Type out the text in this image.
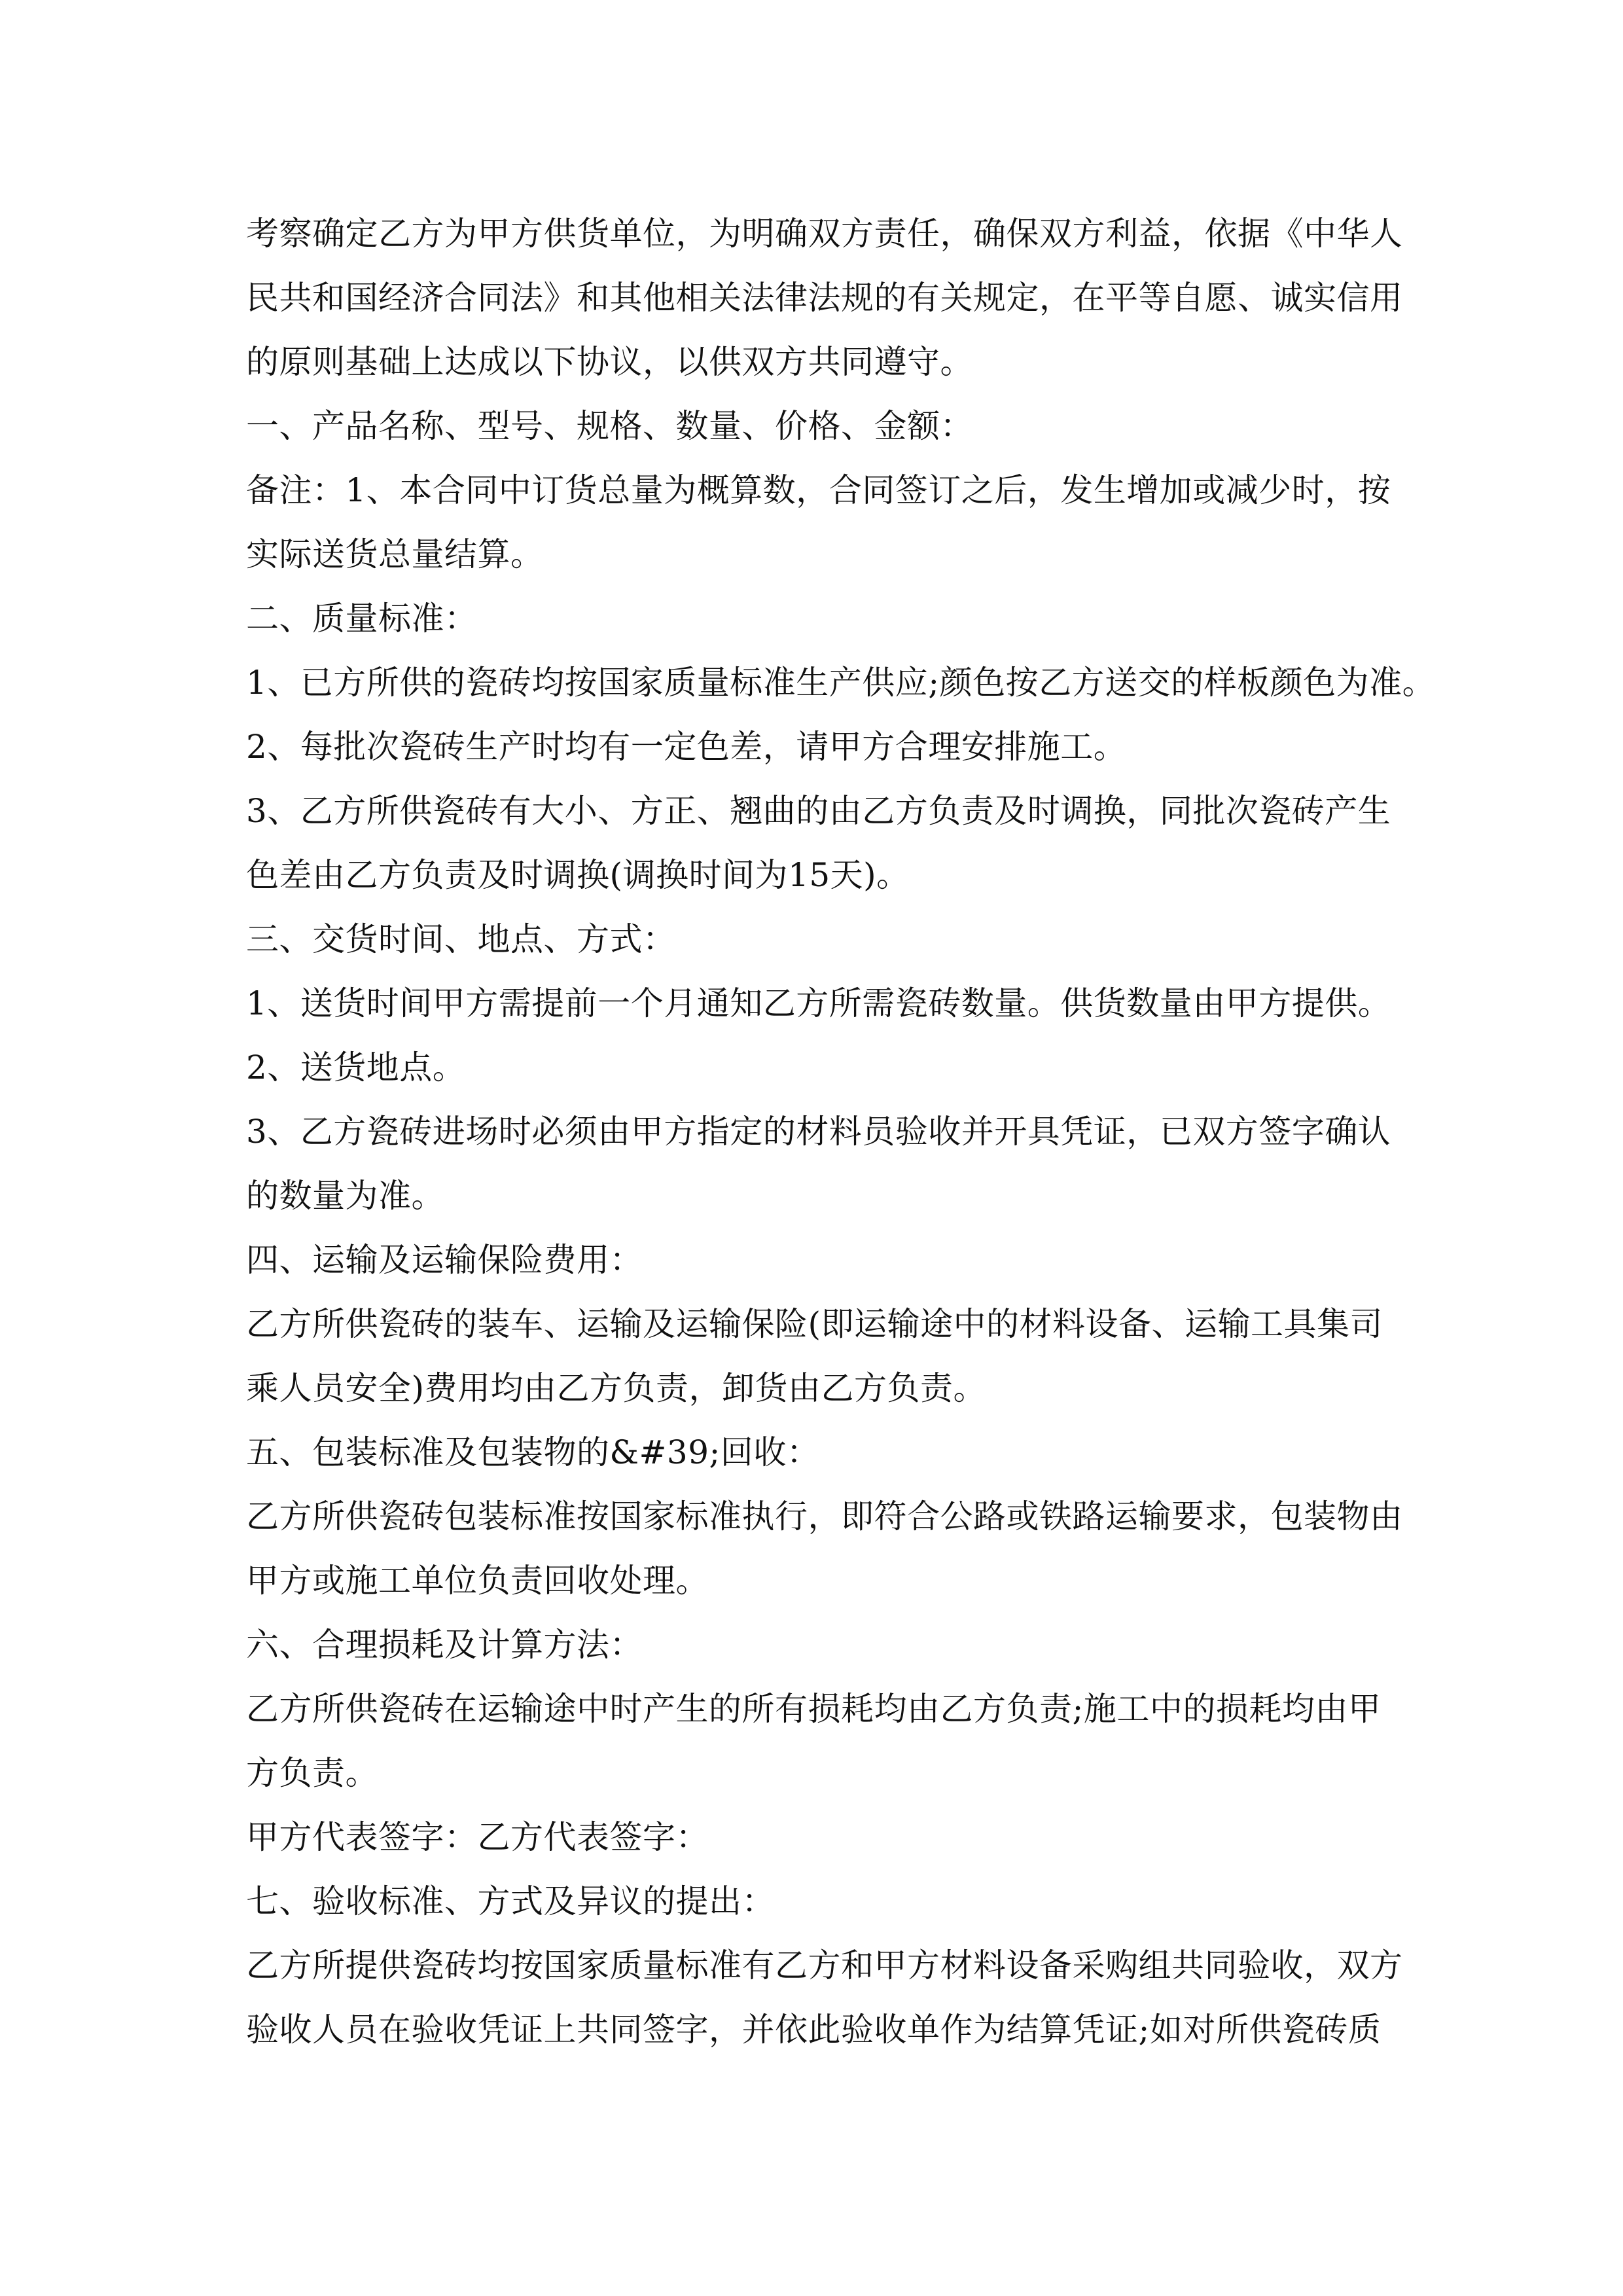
考察确定乙方为甲方供货单位，为明确双方责任，确保双方利益，依据《中华人
民共和国经济合同法》和其他相关法律法规的有关规定，在平等自愿、诚实信用
的原则基础上达成以下协议，以供双方共同遵守。
一、产品名称、型号、规格、数量、价格、金额：
备注：1、本合同中订货总量为概算数，合同签订之后，发生增加或减少时，按
实际送货总量结算。
二、质量标准：
1、已方所供的瓷砖均按国家质量标准生产供应;颜色按乙方送交的样板颜色为准。
2、每批次瓷砖生产时均有一定色差，请甲方合理安排施工。
3、乙方所供瓷砖有大小、方正、翘曲的由乙方负责及时调换，同批次瓷砖产生
色差由乙方负责及时调换(调换时间为15天)。
三、交货时间、地点、方式：
1、送货时间甲方需提前一个月通知乙方所需瓷砖数量。供货数量由甲方提供。
2、送货地点。
3、乙方瓷砖进场时必须由甲方指定的材料员验收并开具凭证，已双方签字确认
的数量为准。
四、运输及运输保险费用：
乙方所供瓷砖的装车、运输及运输保险(即运输途中的材料设备、运输工具集司
乘人员安全)费用均由乙方负责，卸货由乙方负责。
五、包装标准及包装物的&#39;回收：
乙方所供瓷砖包装标准按国家标准执行，即符合公路或铁路运输要求，包装物由
甲方或施工单位负责回收处理。
六、合理损耗及计算方法：
乙方所供瓷砖在运输途中时产生的所有损耗均由乙方负责;施工中的损耗均由甲
方负责。
甲方代表签字：乙方代表签字：
七、验收标准、方式及异议的提出：
乙方所提供瓷砖均按国家质量标准有乙方和甲方材料设备采购组共同验收，双方
验收人员在验收凭证上共同签字，并依此验收单作为结算凭证;如对所供瓷砖质
